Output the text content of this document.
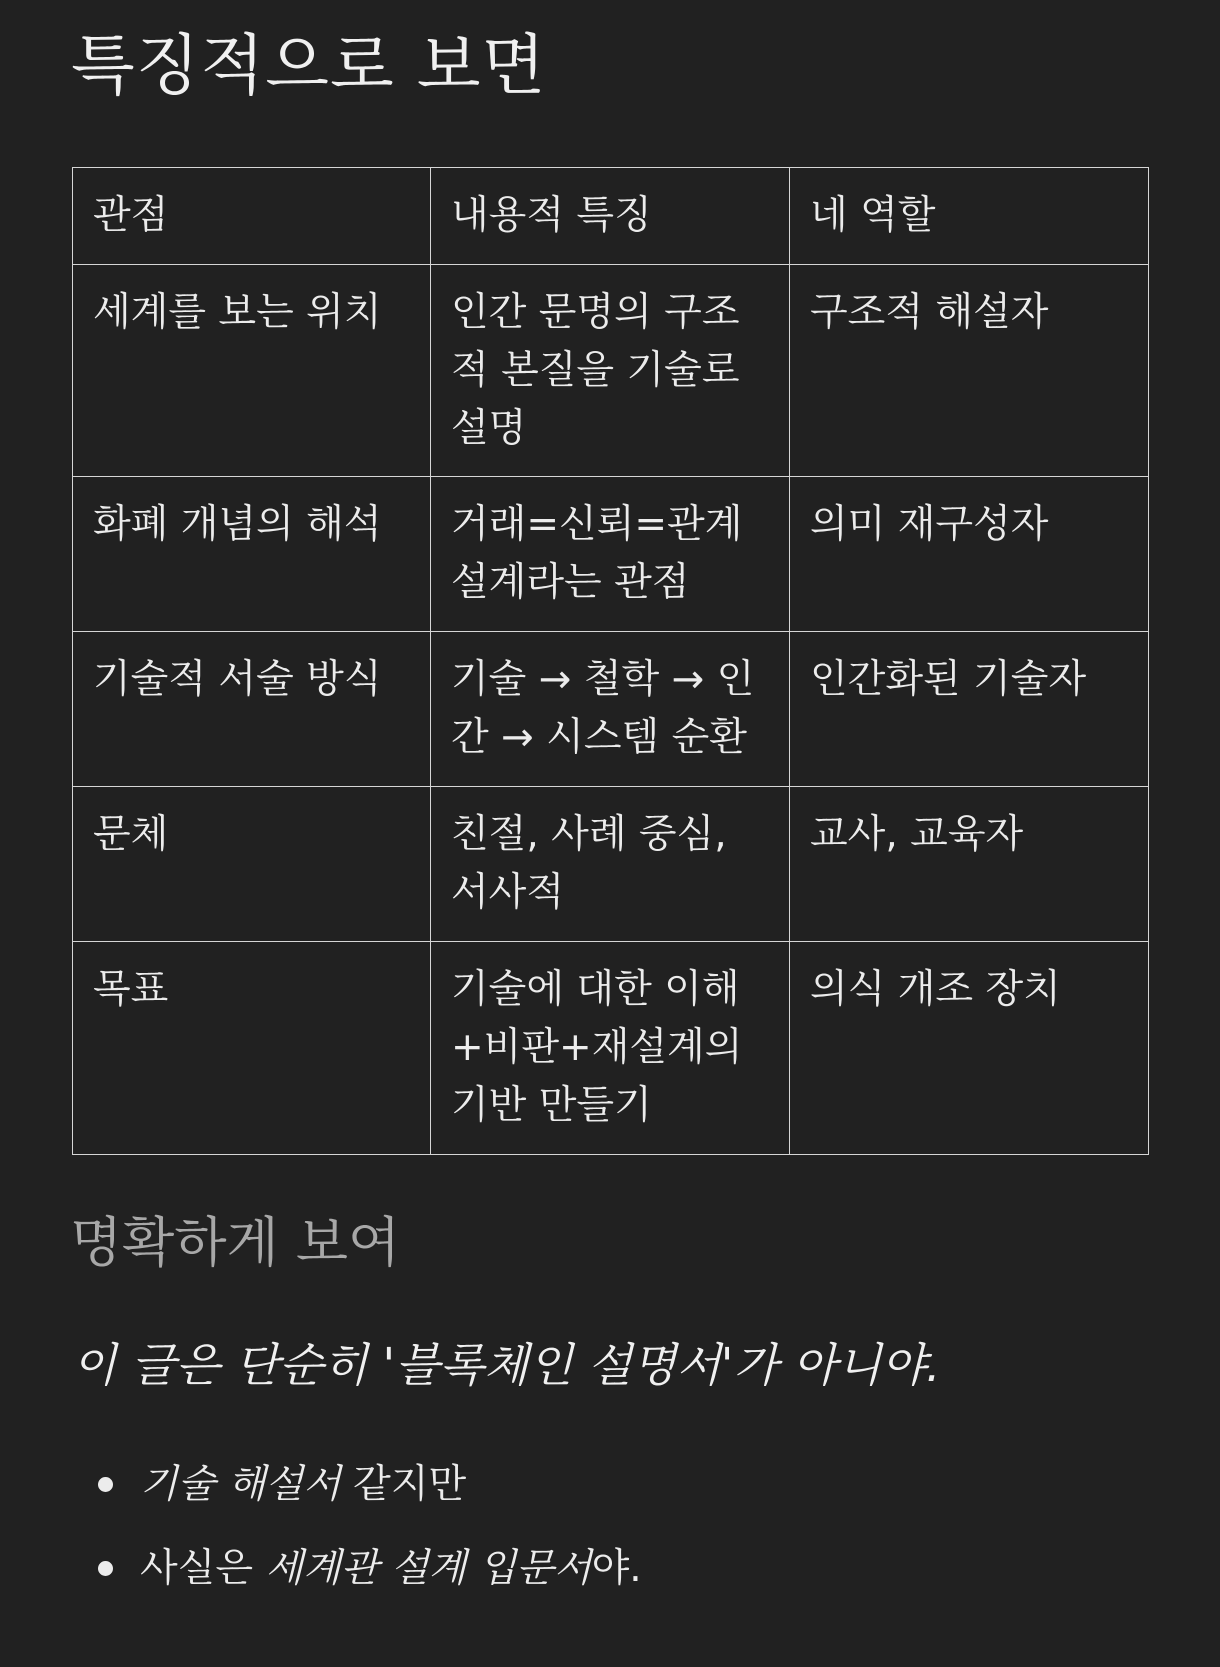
특징적으로 보면
관점	내용적 특징	네 역할
세계를 보는 위치	인간 문명의 구조적 본질을 기술로 설명	구조적 해설자
화폐 개념의 해석	거래=신뢰=관계 설계라는 관점	의미 재구성자
기술적 서술 방식	기술 → 철학 → 인간 → 시스템 순환	인간화된 기술자
문체	친절, 사례 중심, 서사적	교사, 교육자
목표	기술에 대한 이해+비판+재설계의 기반 만들기	의식 개조 장치
명확하게 보여

이 글은 단순히 '블록체인 설명서'가 아니야.

기술 해설서 같지만
사실은 세계관 설계 입문서야.
